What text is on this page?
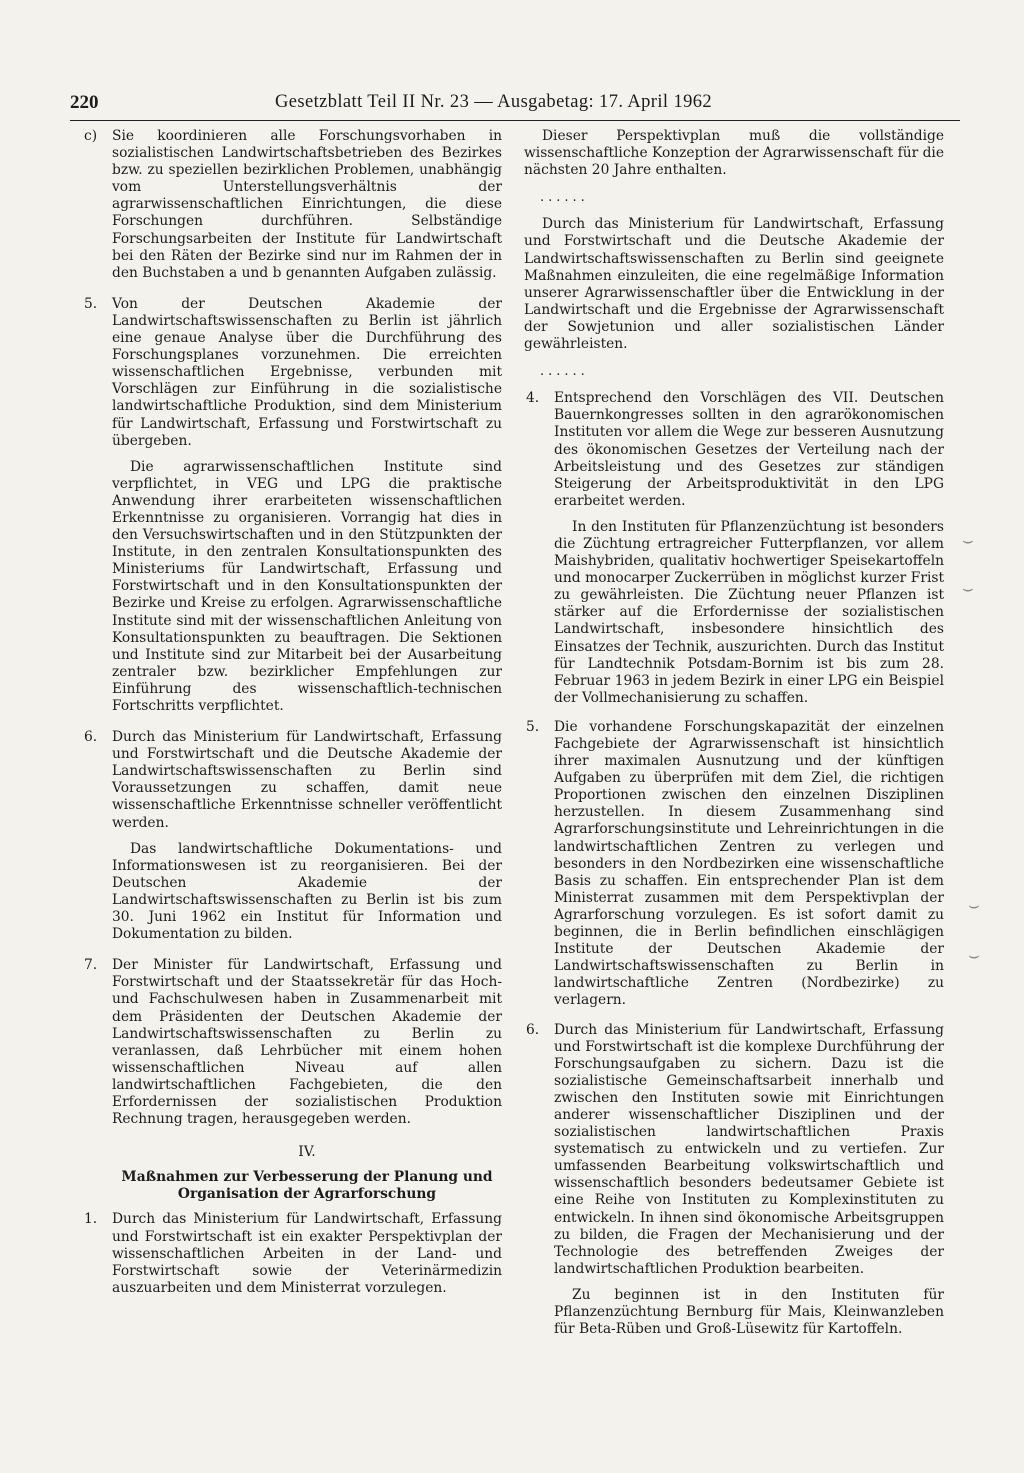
220	Gesetzblatt Teil II Nr. 23 — Ausgabetag: 17. April 1962
c) Sie koordinieren alle Forschungsvorhaben in sozialistischen Landwirtschaftsbetrieben des Bezirkes bzw. zu speziellen bezirklichen Problemen, unabhängig vom Unterstellungsverhältnis der agrarwissenschaftlichen Einrichtungen, die diese Forschungen durchführen. Selbständige Forschungsarbeiten der Institute für Landwirtschaft bei den Räten der Bezirke sind nur im Rahmen der in den Buchstaben a und b genannten Aufgaben zulässig.

5. Von der Deutschen Akademie der Landwirtschaftswissenschaften zu Berlin ist jährlich eine genaue Analyse über die Durchführung des Forschungsplanes vorzunehmen. Die erreichten wissenschaftlichen Ergebnisse, verbunden mit Vorschlägen zur Einführung in die sozialistische landwirtschaftliche Produktion, sind dem Ministerium für Landwirtschaft, Erfassung und Forstwirtschaft zu übergeben.

Die agrarwissenschaftlichen Institute sind verpflichtet, in VEG und LPG die praktische Anwendung ihrer erarbeiteten wissenschaftlichen Erkenntnisse zu organisieren. Vorrangig hat dies in den Versuchswirtschaften und in den Stützpunkten der Institute, in den zentralen Konsultationspunkten des Ministeriums für Landwirtschaft, Erfassung und Forstwirtschaft und in den Konsultationspunkten der Bezirke und Kreise zu erfolgen. Agrarwissenschaftliche Institute sind mit der wissenschaftlichen Anleitung von Konsultationspunkten zu beauftragen. Die Sektionen und Institute sind zur Mitarbeit bei der Ausarbeitung zentraler bzw. bezirklicher Empfehlungen zur Einführung des wissenschaftlich-technischen Fortschritts verpflichtet.

6. Durch das Ministerium für Landwirtschaft, Erfassung und Forstwirtschaft und die Deutsche Akademie der Landwirtschaftswissenschaften zu Berlin sind Voraussetzungen zu schaffen, damit neue wissenschaftliche Erkenntnisse schneller veröffentlicht werden.

Das landwirtschaftliche Dokumentations- und Informationswesen ist zu reorganisieren. Bei der Deutschen Akademie der Landwirtschaftswissenschaften zu Berlin ist bis zum 30. Juni 1962 ein Institut für Information und Dokumentation zu bilden.

7. Der Minister für Landwirtschaft, Erfassung und Forstwirtschaft und der Staatssekretär für das Hoch- und Fachschulwesen haben in Zusammenarbeit mit dem Präsidenten der Deutschen Akademie der Landwirtschaftswissenschaften zu Berlin zu veranlassen, daß Lehrbücher mit einem hohen wissenschaftlichen Niveau auf allen landwirtschaftlichen Fachgebieten, die den Erfordernissen der sozialistischen Produktion Rechnung tragen, herausgegeben werden.

IV.
Maßnahmen zur Verbesserung der Planung und Organisation der Agrarforschung
1. Durch das Ministerium für Landwirtschaft, Erfassung und Forstwirtschaft ist ein exakter Perspektivplan der wissenschaftlichen Arbeiten in der Land- und Forstwirtschaft sowie der Veterinärmedizin auszuarbeiten und dem Ministerrat vorzulegen.

Dieser Perspektivplan muß die vollständige wissenschaftliche Konzeption der Agrarwissenschaft für die nächsten 20 Jahre enthalten.

......

Durch das Ministerium für Landwirtschaft, Erfassung und Forstwirtschaft und die Deutsche Akademie der Landwirtschaftswissenschaften zu Berlin sind geeignete Maßnahmen einzuleiten, die eine regelmäßige Information unserer Agrarwissenschaftler über die Entwicklung in der Landwirtschaft und die Ergebnisse der Agrarwissenschaft der Sowjetunion und aller sozialistischen Länder gewährleisten.

......
4. Entsprechend den Vorschlägen des VII. Deutschen Bauernkongresses sollten in den agrarökonomischen Instituten vor allem die Wege zur besseren Ausnutzung des ökonomischen Gesetzes der Verteilung nach der Arbeitsleistung und des Gesetzes zur ständigen Steigerung der Arbeitsproduktivität in den LPG erarbeitet werden.

In den Instituten für Pflanzenzüchtung ist besonders die Züchtung ertragreicher Futterpflanzen, vor allem Maishybriden, qualitativ hochwertiger Speisekartoffeln und monocarper Zuckerrüben in möglichst kurzer Frist zu gewährleisten. Die Züchtung neuer Pflanzen ist stärker auf die Erfordernisse der sozialistischen Landwirtschaft, insbesondere hinsichtlich des Einsatzes der Technik, auszurichten. Durch das Institut für Landtechnik Potsdam-Bornim ist bis zum 28. Februar 1963 in jedem Bezirk in einer LPG ein Beispiel der Vollmechanisierung zu schaffen.

5. Die vorhandene Forschungskapazität der einzelnen Fachgebiete der Agrarwissenschaft ist hinsichtlich ihrer maximalen Ausnutzung und der künftigen Aufgaben zu überprüfen mit dem Ziel, die richtigen Proportionen zwischen den einzelnen Disziplinen herzustellen. In diesem Zusammenhang sind Agrarforschungsinstitute und Lehreinrichtungen in die landwirtschaftlichen Zentren zu verlegen und besonders in den Nordbezirken eine wissenschaftliche Basis zu schaffen. Ein entsprechender Plan ist dem Ministerrat zusammen mit dem Perspektivplan der Agrarforschung vorzulegen. Es ist sofort damit zu beginnen, die in Berlin befindlichen einschlägigen Institute der Deutschen Akademie der Landwirtschaftswissenschaften zu Berlin in landwirtschaftliche Zentren (Nordbezirke) zu verlagern.

6. Durch das Ministerium für Landwirtschaft, Erfassung und Forstwirtschaft ist die komplexe Durchführung der Forschungsaufgaben zu sichern. Dazu ist die sozialistische Gemeinschaftsarbeit innerhalb und zwischen den Instituten sowie mit Einrichtungen anderer wissenschaftlicher Disziplinen und der sozialistischen landwirtschaftlichen Praxis systematisch zu entwickeln und zu vertiefen. Zur umfassenden Bearbeitung volkswirtschaftlich und wissenschaftlich besonders bedeutsamer Gebiete ist eine Reihe von Instituten zu Komplexinstituten zu entwickeln. In ihnen sind ökonomische Arbeitsgruppen zu bilden, die Fragen der Mechanisierung und der Technologie des betreffenden Zweiges der landwirtschaftlichen Produktion bearbeiten.

Zu beginnen ist in den Instituten für Pflanzenzüchtung Bernburg für Mais, Kleinwanzleben für Beta-Rüben und Groß-Lüsewitz für Kartoffeln.

⌣
⌣
⌣
⌣
